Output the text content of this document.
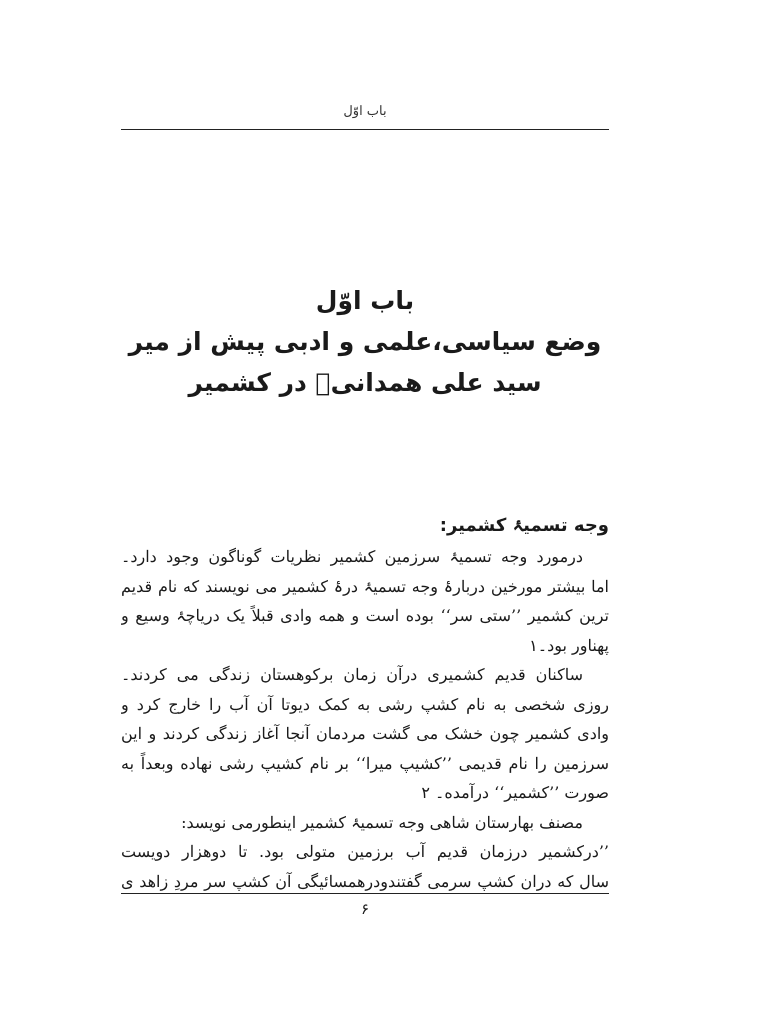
باب اوّل
باب اوّل
وضع سیاسی،علمی و ادبی پیش از میر
سید علی همدانیؒ در کشمیر
وجه تسمیۂ کشمیر:
درمورد وجه تسمیۂ سرزمین کشمیر نظریات گوناگون وجود دارد۔
اما بیشتر مورخین دربارۂ وجه تسمیۂ درۂ کشمیر می نویسند که نام قدیم
ترین کشمیر ’’ستی سر‘‘ بوده است و همه وادی قبلاً یک دریاچۂ وسیع و
پهناور بود۔۱
ساکنان قدیم کشمیری درآن زمان برکوهستان زندگی می کردند۔
روزی شخصی به نام کشپ رشی به کمک دیوتا آن آب را خارج کرد و
وادی کشمیر چون خشک می گشت مردمان آنجا آغاز زندگی کردند و این
سرزمین را نام قدیمی ’’کشیپ میرا‘‘ بر نام کشیپ رشی نهاده وبعداً به
صورت ’’کشمیر‘‘ درآمده۔ ۲
مصنف بهارستان شاهی وجه تسمیۂ کشمیر اینطورمی نویسد:
’’درکشمیر درزمان قدیم آب برزمین متولی بود. تا دوهزار دویست
سال که دران کشپ سرمی گفتندودرهمسائیگی آن کشپ سر مردِ زاهد ی
۶
